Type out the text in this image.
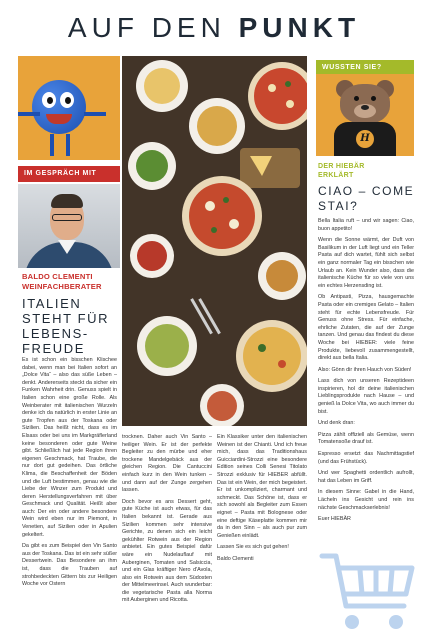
AUF DEN PUNKT
IM GESPRÄCH MIT
BALDO CLEMENTI
WEINFACHBERATER
ITALIEN
STEHT FÜR
LEBENS-
FREUDE

Es ist schon ein bisschen Klischee dabei, wenn man bei Italien sofort an „Dolce Vita“ – also das süße Leben – denkt. Andererseits steckt da sicher ein Funken Wahrheit drin. Genuss spielt in Italien schon eine große Rolle. Als Weinberater mit italienischen Wurzeln denke ich da natürlich in erster Linie an gute Tropfen aus der Toskana oder Sizilien. Das heißt nicht, dass es im Elsass oder bei uns im Markgräflerland keine besonderen oder gute Weine gibt. Schließlich hat jede Region ihren eigenen Geschmack, hat Traube, die nur dort gut gedeihen. Das örtliche Klima, die Beschaffenheit der Böden und die Luft bestimmen, genau wie die Liebe der Winzer zum Produkt und deren Herstellungsverfahren mit über Geschmack und Qualität. Heißt aber auch: Der ein oder andere besondere Wein wird eben nur im Piemont, in Venetien, auf Sizilien oder in Apulien gekeltert.

Da gibt es zum Beispiel den Vin Santo aus der Toskana. Das ist ein sehr süßer Dessertwein. Das Besondere an ihm ist, dass die Trauben auf strohbedeckten Gittern bis zur Heiligen Woche vor Ostern

trocknen. Daher auch Vin Santo – heiliger Wein. Er ist der perfekte Begleiter zu den mürbe und eher trockene Mandelgebäck aus der gleichen Region. Die Cantuccini einfach kurz in den Wein tunken – und dann auf der Zunge zergehen lassen.

Doch bevor es ans Dessert geht, gute Küche ist auch etwas, für das Italien bekannt ist. Gerade aus Sizilien kommen sehr intensive Gerichte, zu denen sich ein leicht gekühlter Rotwein aus der Region anbietet. Ein gutes Beispiel dafür wäre ein Nudelauflauf mit Auberginen, Tomaten und Salsiccia, und ein Glas kräftiger Nero d'Avola, also ein Rotwein aus dem Südosten der Mittelmeerinsel. Auch wunderbar: die vegetarische Pasta alla Norma mit Auberginen und Ricotta.

Ein Klassiker unter den italienischen Weinen ist der Chianti. Und ich freue mich, dass das Traditionshaus Guicciardini-Strozzi eine besondere Edition seines Colli Senesi Titolato Strozzi exklusiv für HIEBER abfüllt. Das ist ein Wein, der mich begeistert. Er ist unkompliziert, charmant und schmeckt. Das Schöne ist, dass er sich sowohl als Begleiter zum Essen eignet – Pasta mit Bolognese oder eine deftige Käseplatte kommen mir da in den Sinn – als auch pur zum Genießen einlädt.

Lassen Sie es sich gut gehen!

Baldo Clementi

WUSSTEN SIE?
H
DER HIEBÄR
ERKLÄRT
CIAO – COME
STAI?

Bella Italia ruft – und wir sagen: Ciao, buon appetito!

Wenn die Sonne wärmt, der Duft von Basilikum in der Luft liegt und ein Teller Pasta auf dich wartet, fühlt sich selbst ein ganz normaler Tag ein bisschen wie Urlaub an. Kein Wunder also, dass die italienische Küche für so viele von uns ein echtes Herzensding ist.

Ob Antipasti, Pizza, hausgemachte Pasta oder ein cremiges Gelato – Italien steht für echte Lebensfreude. Für Genuss ohne Stress. Für einfache, ehrliche Zutaten, die auf der Zunge tanzen. Und genau das findest du diese Woche bei HIEBER: viele feine Produkte, liebevoll zusammengestellt, direkt aus bella Italia.

Also: Gönn dir ihren Hauch von Süden!

Lass dich von unseren Rezeptideen inspirieren, hol dir deine italienischen Lieblingsprodukte nach Hause – und genieß la Dolce Vita, wo auch immer du bist.

Und denk dran:

Pizza zählt offiziell als Gemüse, wenn Tomatensoße drauf ist.

Espresso ersetzt das Nachmittagstief (und das Frühstück).

Und wer Spaghetti ordentlich aufrollt, hat das Leben im Griff.

In diesem Sinne: Gabel in die Hand, Lächeln ins Gesicht und rein ins nächste Geschmackserlebnis!

Euer HIEBÄR
